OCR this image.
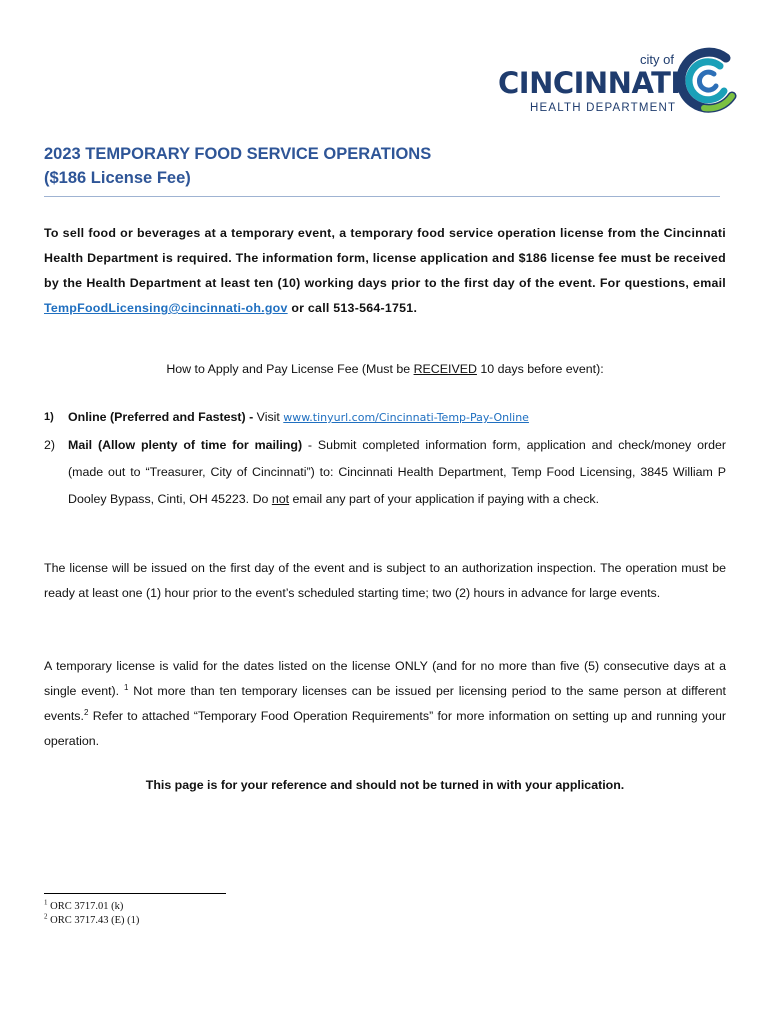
city of
CINCINNATI
HEALTH DEPARTMENT
2023 TEMPORARY FOOD SERVICE OPERATIONS
($186 License Fee)
To sell food or beverages at a temporary event, a temporary food service operation license from the Cincinnati Health Department is required. The information form, license application and $186 license fee must be received by the Health Department at least ten (10) working days prior to the first day of the event. For questions, email TempFoodLicensing@cincinnati-oh.gov or call 513-564-1751.
How to Apply and Pay License Fee (Must be RECEIVED 10 days before event):
1) Online (Preferred and Fastest) - Visit www.tinyurl.com/Cincinnati-Temp-Pay-Online
2) Mail (Allow plenty of time for mailing) - Submit completed information form, application and check/money order (made out to “Treasurer, City of Cincinnati”) to: Cincinnati Health Department, Temp Food Licensing, 3845 William P Dooley Bypass, Cinti, OH 45223. Do not email any part of your application if paying with a check.
The license will be issued on the first day of the event and is subject to an authorization inspection. The operation must be ready at least one (1) hour prior to the event’s scheduled starting time; two (2) hours in advance for large events.
A temporary license is valid for the dates listed on the license ONLY (and for no more than five (5) consecutive days at a single event). $^1$ Not more than ten temporary licenses can be issued per licensing period to the same person at different events.$^2$ Refer to attached “Temporary Food Operation Requirements” for more information on setting up and running your operation.
This page is for your reference and should not be turned in with your application.
$^1$ ORC 3717.01 (k)
$^2$ ORC 3717.43 (E) (1)
